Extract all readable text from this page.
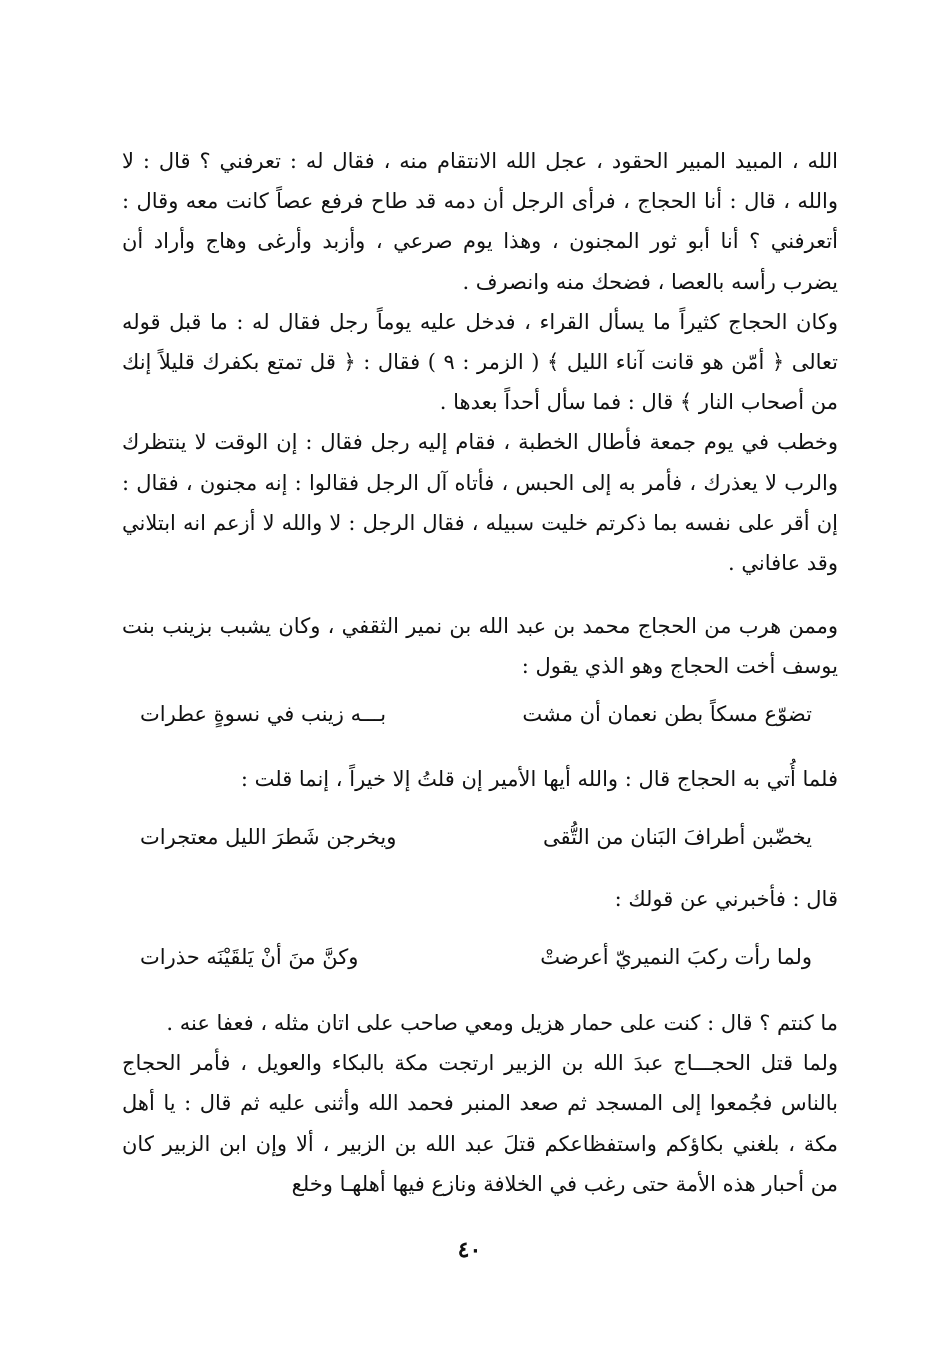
الله ، المبيد المبير الحقود ، عجل الله الانتقام منه ، فقال له : تعرفني ؟ قال : لا والله ، قال : أنا الحجاج ، فرأى الرجل أن دمه قد طاح فرفع عصاً كانت معه وقال : أتعرفني ؟ أنا أبو ثور المجنون ، وهذا يوم صرعي ، وأزبد وأرغى وهاج وأراد أن يضرب رأسه بالعصا ، فضحك منه وانصرف .

وكان الحجاج كثيراً ما يسأل القراء ، فدخل عليه يوماً رجل فقال له : ما قبل قوله تعالى ﴿ أمّن هو قانت آناء الليل ﴾ ( الزمر : ٩ ) فقال : ﴿ قل تمتع بكفرك قليلاً إنك من أصحاب النار ﴾ قال : فما سأل أحداً بعدها .

وخطب في يوم جمعة فأطال الخطبة ، فقام إليه رجل فقال : إن الوقت لا ينتظرك والرب لا يعذرك ، فأمر به إلى الحبس ، فأتاه آل الرجل فقالوا : إنه مجنون ، فقال : إن أقر على نفسه بما ذكرتم خليت سبيله ، فقال الرجل : لا والله لا أزعم انه ابتلاني وقد عافاني .

وممن هرب من الحجاج محمد بن عبد الله بن نمير الثقفي ، وكان يشبب بزينب بنت يوسف أخت الحجاج وهو الذي يقول :

تضوّع مسكاً بطن نعمان أن مشت
بـــه زينب في نسوةٍ عطرات
فلما أُتي به الحجاج قال : والله أيها الأمير إن قلتُ إلا خيراً ، إنما قلت :
يخضّبن أطرافَ البَنان من التُّقى
ويخرجن شَطرَ الليل معتجرات
قال : فأخبرني عن قولك :
ولما رأت ركبَ النميريّ أعرضتْ
وكنَّ منَ أنْ يَلقَيْنَه حذرات

ما كنتم ؟ قال : كنت على حمار هزيل ومعي صاحب على اتان مثله ، فعفا عنه .

ولما قتل الحجـــاج عبدَ الله بن الزبير ارتجت مكة بالبكاء والعويل ، فأمر الحجاج بالناس فجُمعوا إلى المسجد ثم صعد المنبر فحمد الله وأثنى عليه ثم قال : يا أهل مكة ، بلغني بكاؤكم واستفظاعكم قتلَ عبد الله بن الزبير ، ألا وإن ابن الزبير كان من أحبار هذه الأمة حتى رغب في الخلافة ونازع فيها أهلهـا وخلع

٤٠
